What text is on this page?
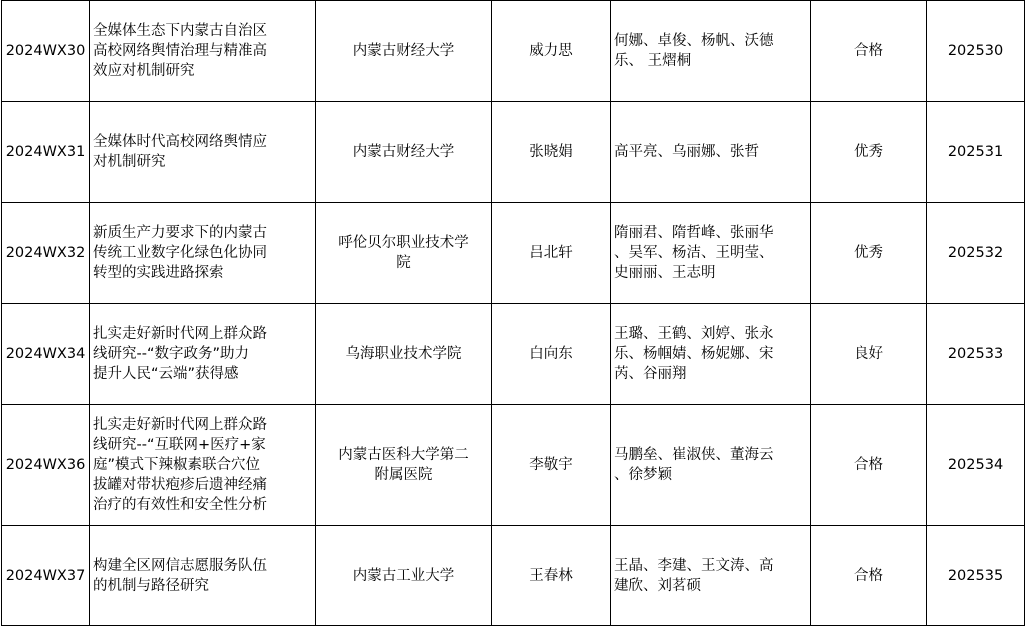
2024WX30	全媒体生态下内蒙古自治区
高校网络舆情治理与精准高
效应对机制研究	内蒙古财经大学	威力思	何娜、卓俊、杨帆、沃德
乐、 王熠桐	合格	202530
2024WX31	全媒体时代高校网络舆情应
对机制研究	内蒙古财经大学	张晓娟	高平亮、乌丽娜、张哲	优秀	202531
2024WX32	新质生产力要求下的内蒙古
传统工业数字化绿色化协同
转型的实践进路探索	呼伦贝尔职业技术学
院	吕北轩	隋丽君、隋哲峰、张丽华
、吴军、杨洁、王明莹、
史丽丽、王志明	优秀	202532
2024WX34	扎实走好新时代网上群众路
线研究--“数字政务”助力
提升人民“云端”获得感	乌海职业技术学院	白向东	王璐、王鹤、刘婷、张永
乐、杨帼婧、杨妮娜、宋
芮、谷丽翔	良好	202533
2024WX36	扎实走好新时代网上群众路
线研究--“互联网+医疗+家
庭”模式下辣椒素联合穴位
拔罐对带状疱疹后遗神经痛
治疗的有效性和安全性分析	内蒙古医科大学第二
附属医院	李敬宇	马鹏垒、崔淑侠、董海云
、徐梦颖	合格	202534
2024WX37	构建全区网信志愿服务队伍
的机制与路径研究	内蒙古工业大学	王春林	王晶、李建、王文涛、高
建欣、刘茗硕	合格	202535
